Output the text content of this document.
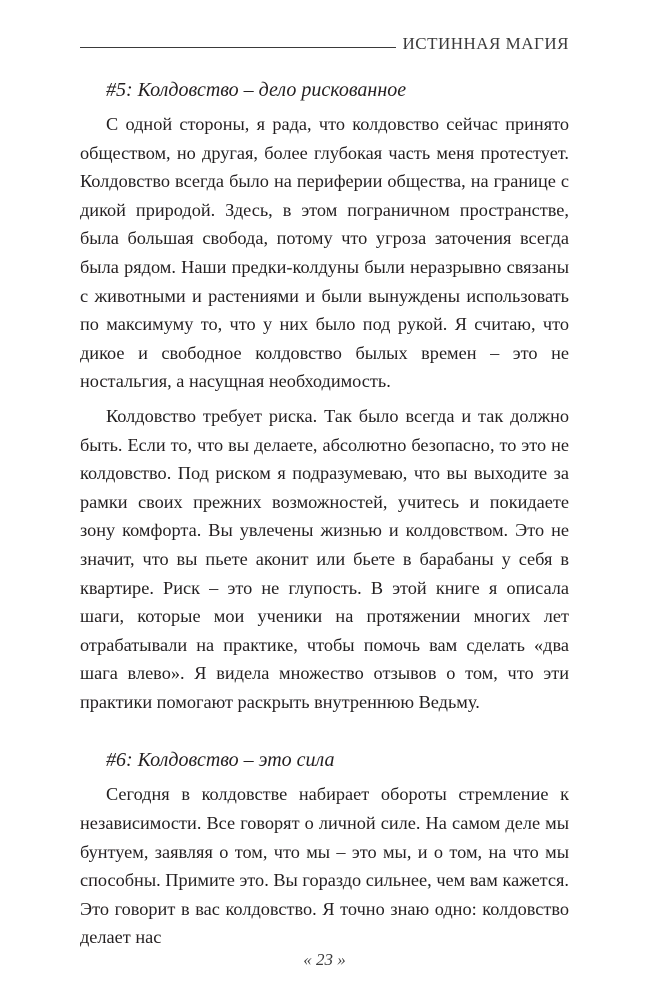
ИСТИННАЯ МАГИЯ
#5: Колдовство – дело рискованное

С одной стороны, я рада, что колдовство сейчас принято обществом, но другая, более глубокая часть меня протестует. Колдовство всегда было на периферии общества, на границе с дикой природой. Здесь, в этом пограничном пространстве, была большая свобода, потому что угроза заточения всегда была рядом. Наши предки-колдуны были неразрывно связаны с животными и растениями и были вынуждены использовать по максимуму то, что у них было под рукой. Я считаю, что дикое и свободное колдовство былых времен – это не ностальгия, а насущная необходимость.

Колдовство требует риска. Так было всегда и так должно быть. Если то, что вы делаете, абсолютно безопасно, то это не колдовство. Под риском я подразумеваю, что вы выходите за рамки своих прежних возможностей, учитесь и покидаете зону комфорта. Вы увлечены жизнью и колдовством. Это не значит, что вы пьете аконит или бьете в барабаны у себя в квартире. Риск – это не глупость. В этой книге я описала шаги, которые мои ученики на протяжении многих лет отрабатывали на практике, чтобы помочь вам сделать «два шага влево». Я видела множество отзывов о том, что эти практики помогают раскрыть внутреннюю Ведьму.

#6: Колдовство – это сила

Сегодня в колдовстве набирает обороты стремление к независимости. Все говорят о личной силе. На самом деле мы бунтуем, заявляя о том, что мы – это мы, и о том, на что мы способны. Примите это. Вы гораздо сильнее, чем вам кажется. Это говорит в вас колдовство. Я точно знаю одно: колдовство делает нас

« 23 »
